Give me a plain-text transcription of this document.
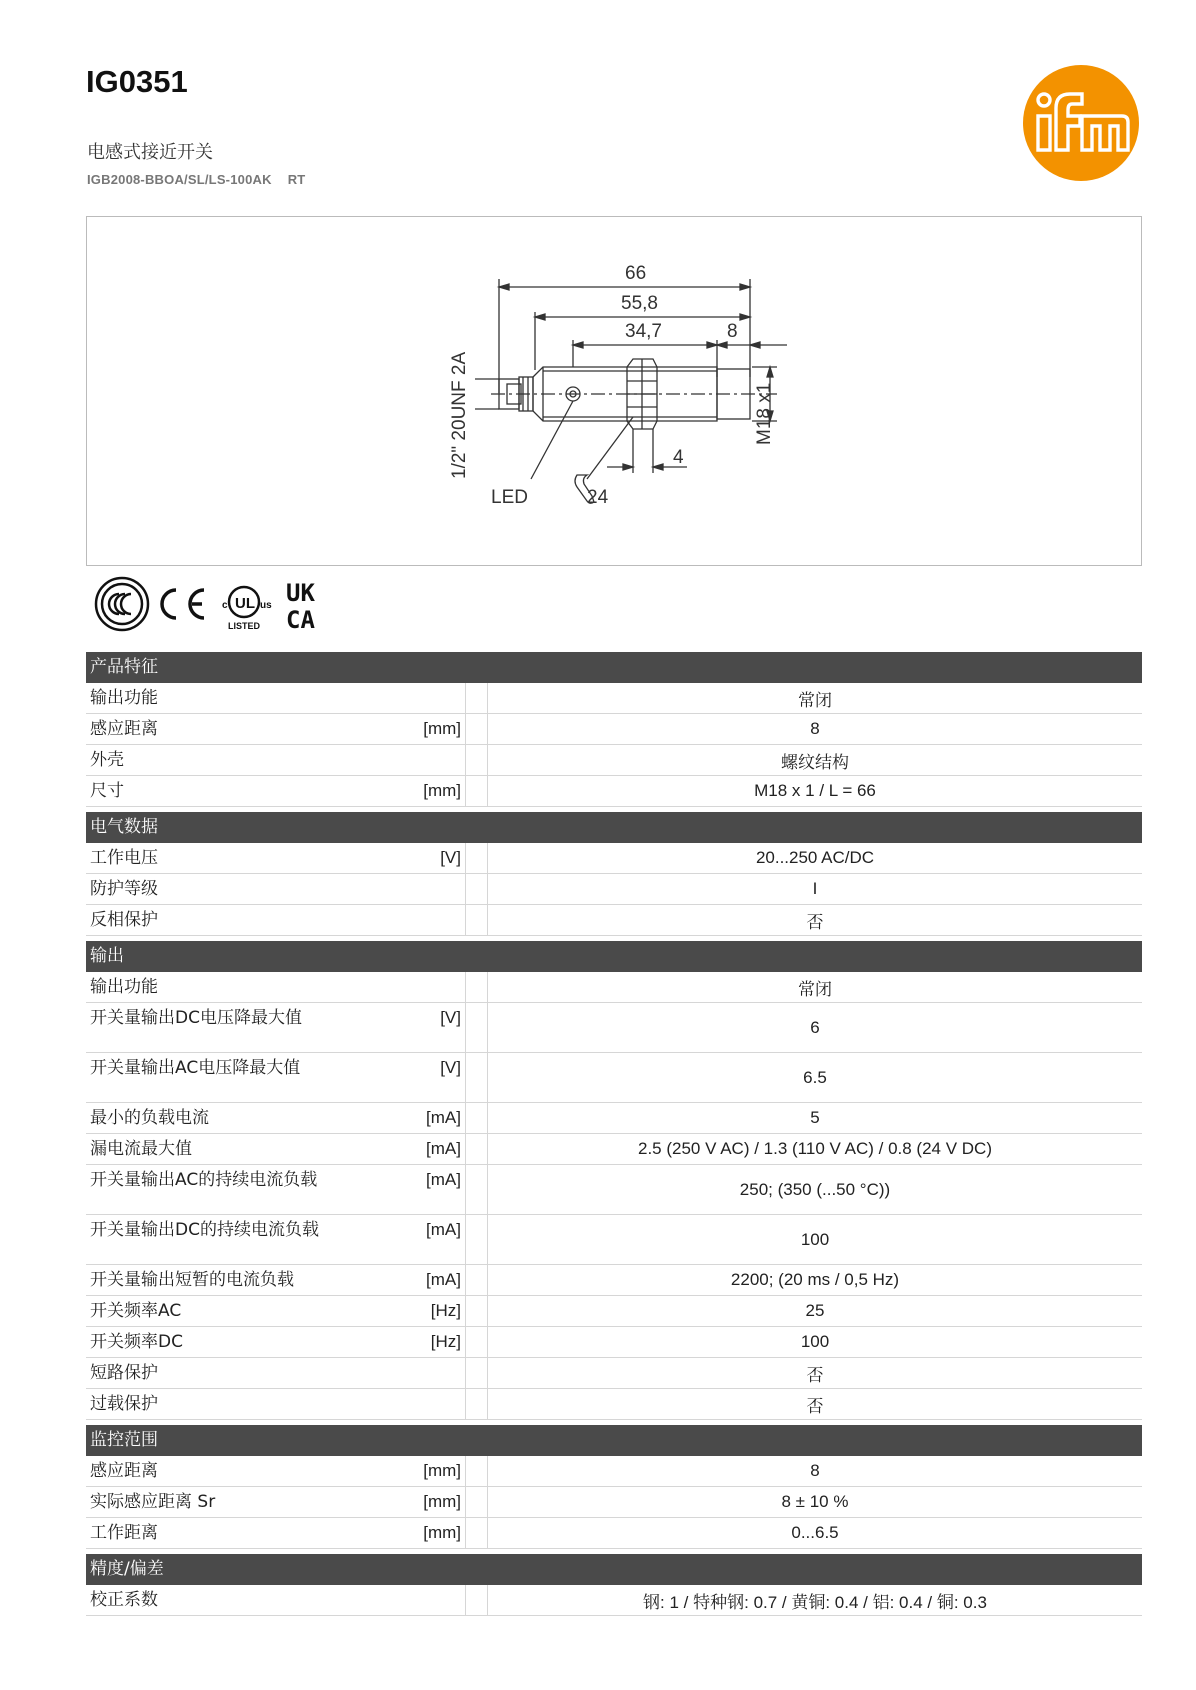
IG0351
电感式接近开关
IGB2008-BBOA/SL/LS-100AK RT
66
55,8
34,7	8
4
LED	24
M18 x1
1/2" 20UNF 2A
UL
c	us
LISTED
UK
CA
产品特征
输出功能	常闭
感应距离	[mm]	8
外壳	螺纹结构
尺寸	[mm]	M18 x 1 / L = 66
电气数据
工作电压	[V]	20...250 AC/DC
防护等级	I
反相保护	否
输出
输出功能	常闭
开关量输出DC电压降最大值	[V]	6
开关量输出AC电压降最大值	[V]	6.5
最小的负载电流	[mA]	5
漏电流最大值	[mA]	2.5 (250 V AC) / 1.3 (110 V AC) / 0.8 (24 V DC)
开关量输出AC的持续电流负载	[mA]	250; (350 (...50 °C))
开关量输出DC的持续电流负载	[mA]	100
开关量输出短暂的电流负载	[mA]	2200; (20 ms / 0,5 Hz)
开关频率AC	[Hz]	25
开关频率DC	[Hz]	100
短路保护	否
过载保护	否
监控范围
感应距离	[mm]	8
实际感应距离 Sr	[mm]	8 ± 10 %
工作距离	[mm]	0...6.5
精度/偏差
校正系数	钢: 1 / 特种钢: 0.7 / 黄铜: 0.4 / 铝: 0.4 / 铜: 0.3
